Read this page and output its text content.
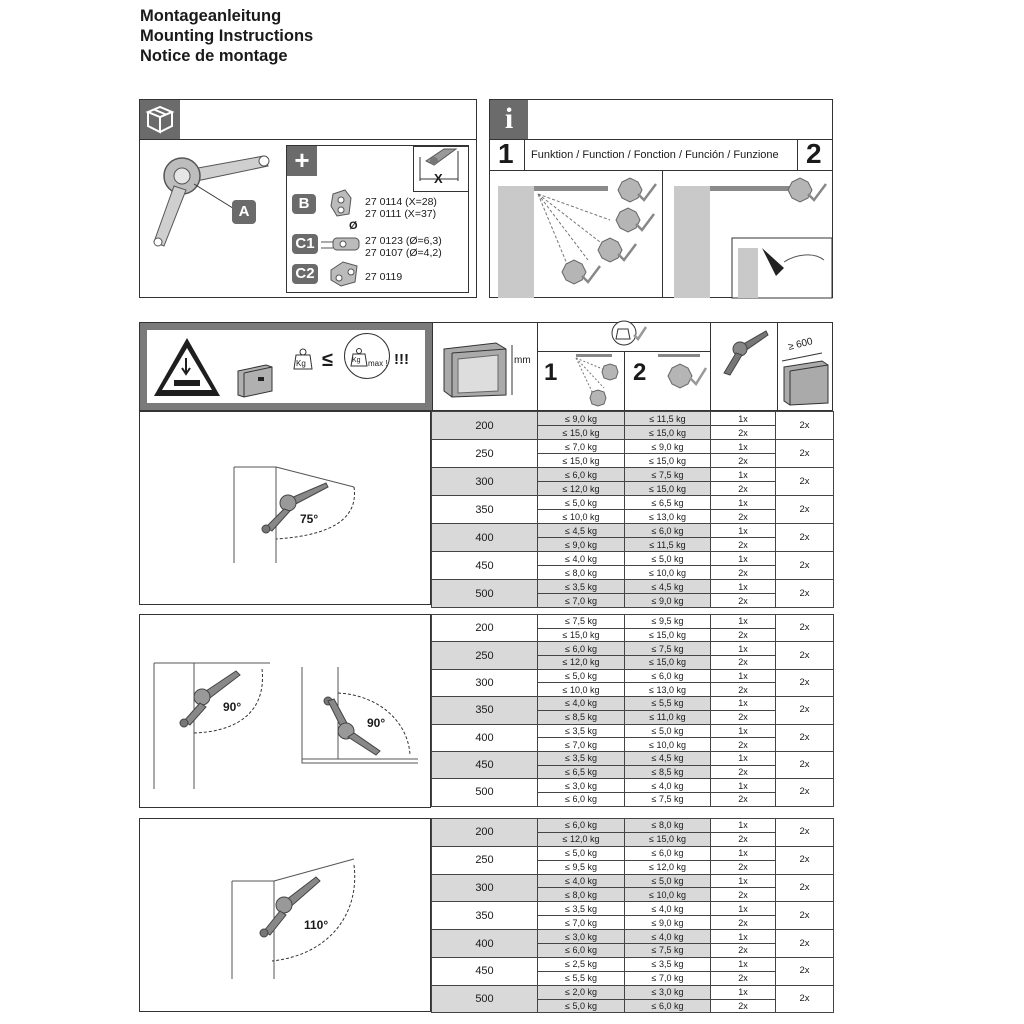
Montageanleitung
Mounting Instructions
Notice de montage
A
+
X
B	27 0114 (X=28)
27 0111 (X=37)
Ø
C1	27 0123 (Ø=6,3)
27 0107 (Ø=4,2)
C2	27 0119
i
1	2
Funktion / Function / Fonction / Función / Funzione
Kg ≤	Kg max ! !!!	mm 1	2
≥ 600
75°
90°
90°
110°
200	≤ 9,0 kg	≤ 11,5 kg	1x	2x
	≤ 15,0 kg	≤ 15,0 kg	2x	
250	≤ 7,0 kg	≤ 9,0 kg	1x	2x
	≤ 15,0 kg	≤ 15,0 kg	2x	
300	≤ 6,0 kg	≤ 7,5 kg	1x	2x
	≤ 12,0 kg	≤ 15,0 kg	2x	
350	≤ 5,0 kg	≤ 6,5 kg	1x	2x
	≤ 10,0 kg	≤ 13,0 kg	2x	
400	≤ 4,5 kg	≤ 6,0 kg	1x	2x
	≤ 9,0 kg	≤ 11,5 kg	2x	
450	≤ 4,0 kg	≤ 5,0 kg	1x	2x
	≤ 8,0 kg	≤ 10,0 kg	2x	
500	≤ 3,5 kg	≤ 4,5 kg	1x	2x
	≤ 7,0 kg	≤ 9,0 kg	2x	
200	≤ 7,5 kg	≤ 9,5 kg	1x	2x
	≤ 15,0 kg	≤ 15,0 kg	2x	
250	≤ 6,0 kg	≤ 7,5 kg	1x	2x
	≤ 12,0 kg	≤ 15,0 kg	2x	
300	≤ 5,0 kg	≤ 6,0 kg	1x	2x
	≤ 10,0 kg	≤ 13,0 kg	2x	
350	≤ 4,0 kg	≤ 5,5 kg	1x	2x
	≤ 8,5 kg	≤ 11,0 kg	2x	
400	≤ 3,5 kg	≤ 5,0 kg	1x	2x
	≤ 7,0 kg	≤ 10,0 kg	2x	
450	≤ 3,5 kg	≤ 4,5 kg	1x	2x
	≤ 6,5 kg	≤ 8,5 kg	2x	
500	≤ 3,0 kg	≤ 4,0 kg	1x	2x
	≤ 6,0 kg	≤ 7,5 kg	2x	
200	≤ 6,0 kg	≤ 8,0 kg	1x	2x
	≤ 12,0 kg	≤ 15,0 kg	2x	
250	≤ 5,0 kg	≤ 6,0 kg	1x	2x
	≤ 9,5 kg	≤ 12,0 kg	2x	
300	≤ 4,0 kg	≤ 5,0 kg	1x	2x
	≤ 8,0 kg	≤ 10,0 kg	2x	
350	≤ 3,5 kg	≤ 4,0 kg	1x	2x
	≤ 7,0 kg	≤ 9,0 kg	2x	
400	≤ 3,0 kg	≤ 4,0 kg	1x	2x
	≤ 6,0 kg	≤ 7,5 kg	2x	
450	≤ 2,5 kg	≤ 3,5 kg	1x	2x
	≤ 5,5 kg	≤ 7,0 kg	2x	
500	≤ 2,0 kg	≤ 3,0 kg	1x	2x
	≤ 5,0 kg	≤ 6,0 kg	2x	
